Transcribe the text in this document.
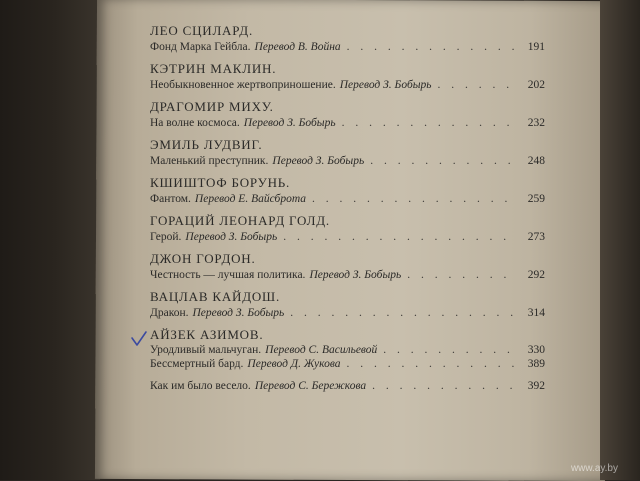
ЛЕО СЦИЛАРД.
Фонд Марка Гейбла. Перевод В. Война . . .	191
КЭТРИН МАКЛИН.
Необыкновенное жертвоприношение. Перевод З. Бобырь . . .	202
ДРАГОМИР МИХУ.
На волне космоса. Перевод З. Бобырь . . .	232
ЭМИЛЬ ЛУДВИГ.
Маленький преступник. Перевод З. Бобырь . . .	248
КШИШТОФ БОРУНЬ.
Фантом. Перевод Е. Вайсброта . . .	259
ГОРАЦИЙ ЛЕОНАРД ГОЛД.
Герой. Перевод З. Бобырь . . .	273
ДЖОН ГОРДОН.
Честность — лучшая политика. Перевод З. Бобырь . . .	292
ВАЦЛАВ КАЙДОШ.
Дракон. Перевод З. Бобырь . . .	314
АЙЗЕК АЗИМОВ.
Уродливый мальчуган. Перевод С. Васильевой . . .	330
Бессмертный бард. Перевод Д. Жукова . . .	389
Как им было весело. Перевод С. Бережкова . . .	392
www.ay.by
